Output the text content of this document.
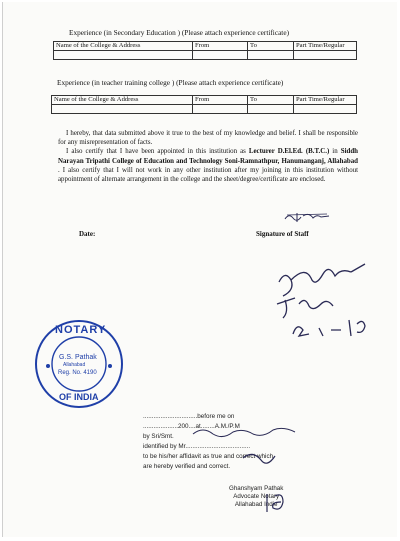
Experience (in Secondary Education ) (Please attach experience certificate)
Name of the College & Address	From	To	Part Time/Regular

Experience (in teacher training college ) (Please attach experience certificate)
Name of the College & Address	From	To	Part Time/Regular

I hereby, that data submitted above it true to the best of my knowledge and belief. I shall be responsible for any misrepresentation of facts.

I also certify that I have been appointed in this institution as Lecturer D.El.Ed. (B.T.C.) in Siddh Narayan Tripathi College of Education and Technology Soni-Ramnathpur, Hanumanganj, Allahabad . I also certify that I will not work in any other institution after my joining in this institution without appointment of alternate arrangement in the college and the sheet/degree/certificate are enclosed.

Date:	Signature of Staff
NOTARY
G.S. Pathak
Allahabad
Reg. No. 4190
OF INDIA
...............................before me on
....................200....at........A.M./P.M
by Sri/Smt.
identified by Mr.....................................
to be his/her affidavit as true and correct which
are hereby verified and correct.
Ghanshyam Pathak
Advocate Notary
Allahabad Indie
